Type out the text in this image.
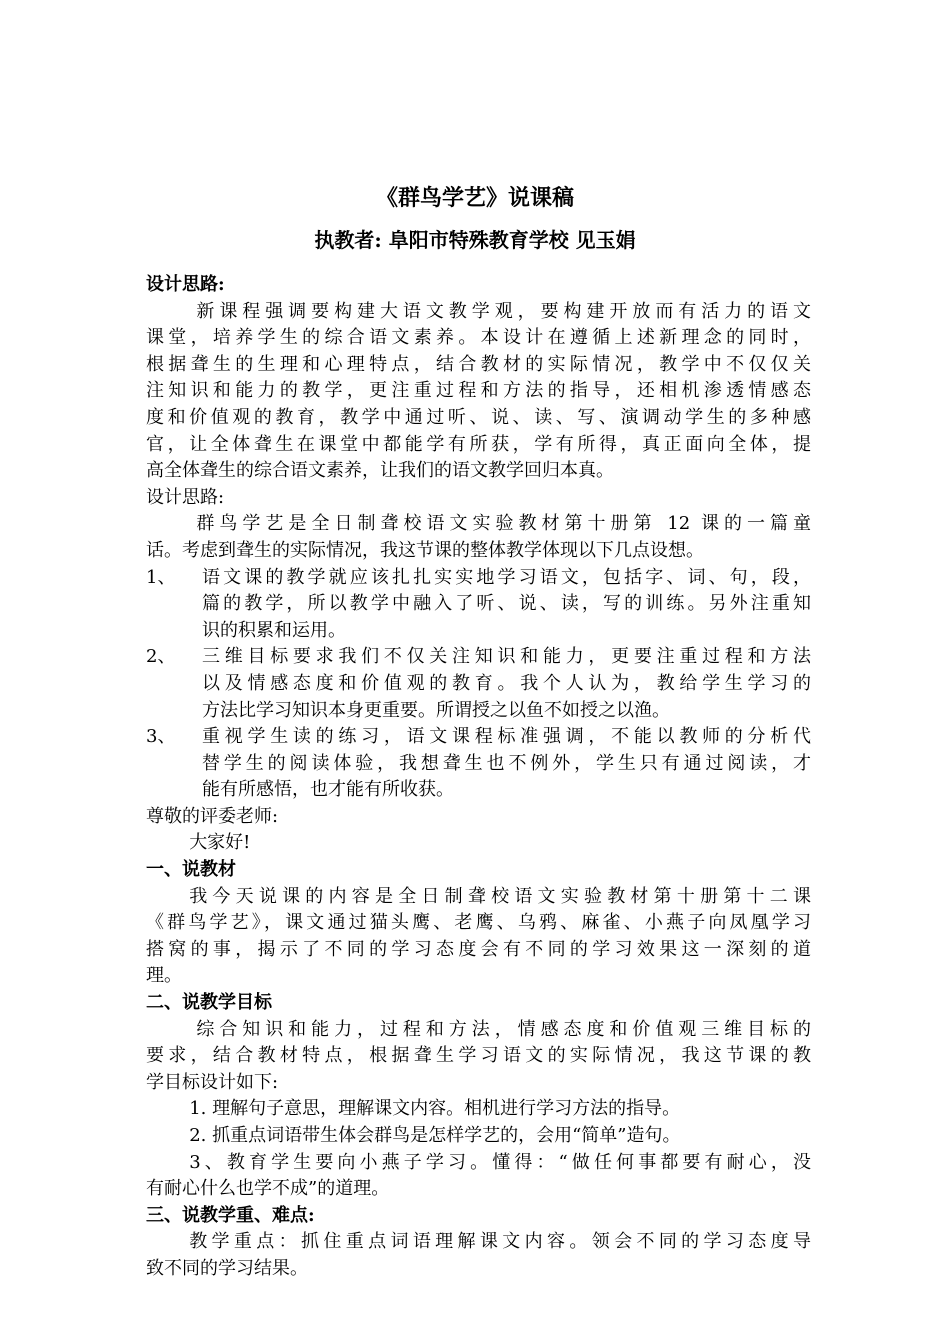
《群鸟学艺》说课稿
执教者: 阜阳市特殊教育学校 见玉娟

设计思路:

新课程强调要构建大语文教学观，要构建开放而有活力的语文

课堂，培养学生的综合语文素养。本设计在遵循上述新理念的同时，

根据聋生的生理和心理特点，结合教材的实际情况，教学中不仅仅关

注知识和能力的教学，更注重过程和方法的指导，还相机渗透情感态

度和价值观的教育，教学中通过听、说、读、写、演调动学生的多种感

官，让全体聋生在课堂中都能学有所获，学有所得，真正面向全体，提

高全体聋生的综合语文素养，让我们的语文教学回归本真。

设计思路:

群鸟学艺是全日制聋校语文实验教材第十册第 12 课的一篇童

话。考虑到聋生的实际情况，我这节课的整体教学体现以下几点设想。

1、	语文课的教学就应该扎扎实实地学习语文，包括字、词、句，段，

篇的教学，所以教学中融入了听、说、读，写的训练。另外注重知

识的积累和运用。

2、	三维目标要求我们不仅关注知识和能力，更要注重过程和方法

以及情感态度和价值观的教育。我个人认为，教给学生学习的

方法比学习知识本身更重要。所谓授之以鱼不如授之以渔。

3、	重视学生读的练习，语文课程标准强调，不能以教师的分析代

替学生的阅读体验，我想聋生也不例外，学生只有通过阅读，才

能有所感悟，也才能有所收获。

尊敬的评委老师:

大家好!

一、说教材

我今天说课的内容是全日制聋校语文实验教材第十册第十二课

《群鸟学艺》，课文通过猫头鹰、老鹰、乌鸦、麻雀、小燕子向凤凰学习

搭窝的事，揭示了不同的学习态度会有不同的学习效果这一深刻的道

理。

二、说教学目标

综合知识和能力，过程和方法，情感态度和价值观三维目标的

要求，结合教材特点，根据聋生学习语文的实际情况，我这节课的教

学目标设计如下:

1. 理解句子意思，理解课文内容。相机进行学习方法的指导。

2. 抓重点词语带生体会群鸟是怎样学艺的，会用“简单”造句。

3、教育学生要向小燕子学习。懂得：“做任何事都要有耐心，没

有耐心什么也学不成”的道理。

三、说教学重、难点:

教学重点：抓住重点词语理解课文内容。领会不同的学习态度导

致不同的学习结果。
